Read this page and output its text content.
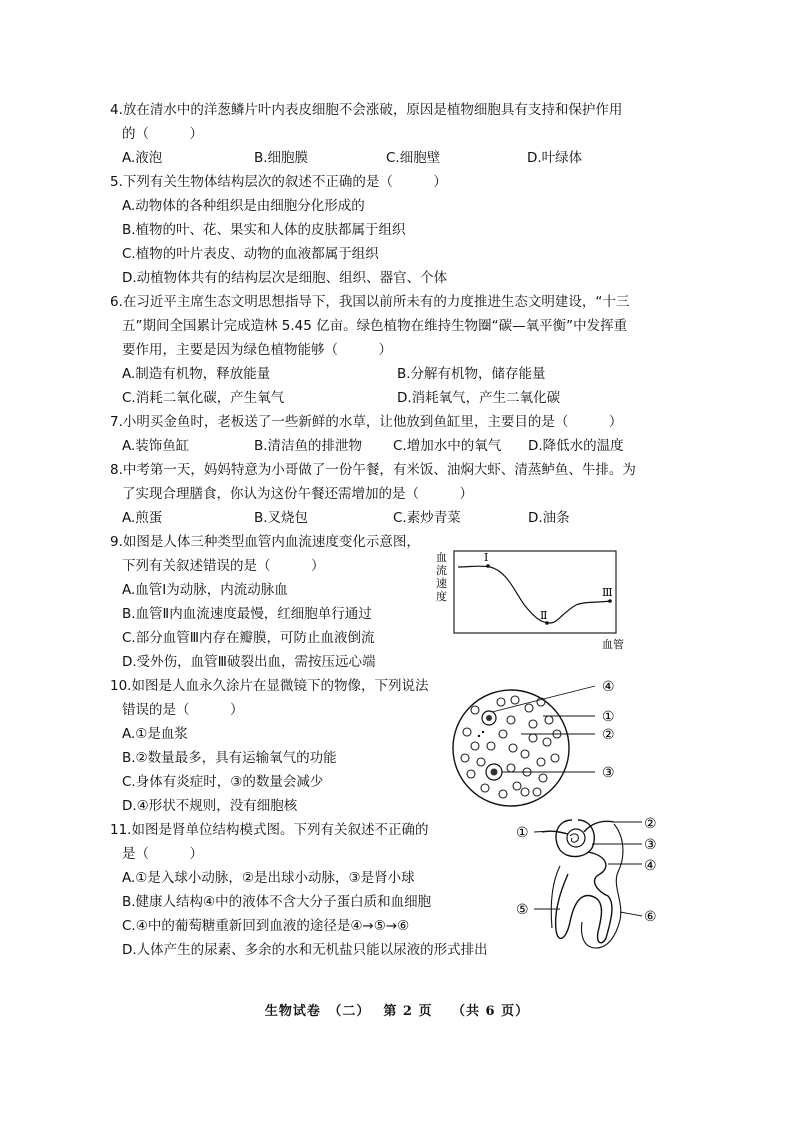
4.放在清水中的洋葱鳞片叶内表皮细胞不会涨破，原因是植物细胞具有支持和保护作用
的（　　　）
A.液泡	B.细胞膜	C.细胞壁	D.叶绿体
5.下列有关生物体结构层次的叙述不正确的是（　　　）
A.动物体的各种组织是由细胞分化形成的
B.植物的叶、花、果实和人体的皮肤都属于组织
C.植物的叶片表皮、动物的血液都属于组织
D.动植物体共有的结构层次是细胞、组织、器官、个体
6.在习近平主席生态文明思想指导下，我国以前所未有的力度推进生态文明建设，“十三
五”期间全国累计完成造林 5.45 亿亩。绿色植物在维持生物圈“碳—氧平衡”中发挥重
要作用，主要是因为绿色植物能够（　　　）
A.制造有机物，释放能量	B.分解有机物，储存能量
C.消耗二氧化碳，产生氧气	D.消耗氧气，产生二氧化碳
7.小明买金鱼时，老板送了一些新鲜的水草，让他放到鱼缸里，主要目的是（　　　）
A.装饰鱼缸	B.清洁鱼的排泄物 C.增加水中的氧气 D.降低水的温度
8.中考第一天，妈妈特意为小哥做了一份午餐，有米饭、油焖大虾、清蒸鲈鱼、牛排。为
了实现合理膳食，你认为这份午餐还需增加的是（　　　）
A.煎蛋	B.叉烧包	C.素炒青菜	D.油条
9.如图是人体三种类型血管内血流速度变化示意图，
下列有关叙述错误的是（　　　）
A.血管Ⅰ为动脉，内流动脉血
B.血管Ⅱ内血流速度最慢，红细胞单行通过
C.部分血管Ⅲ内存在瓣膜，可防止血液倒流
D.受外伤，血管Ⅲ破裂出血，需按压远心端
血流速度
Ⅰ
Ⅱ
Ⅲ
血管
10.如图是人血永久涂片在显微镜下的物像，下列说法
错误的是（　　　）
A.①是血浆
B.②数量最多，具有运输氧气的功能
C.身体有炎症时，③的数量会减少
D.④形状不规则，没有细胞核
④
①
②
③
11.如图是肾单位结构模式图。下列有关叙述不正确的
是（　　　）
A.①是入球小动脉，②是出球小动脉，③是肾小球
B.健康人结构④中的液体不含大分子蛋白质和血细胞
C.④中的葡萄糖重新回到血液的途径是④→⑤→⑥
D.人体产生的尿素、多余的水和无机盐只能以尿液的形式排出
①
②
③
④
⑤	⑥
生物试卷　（二）　 第 2 页　 （共 6 页）
